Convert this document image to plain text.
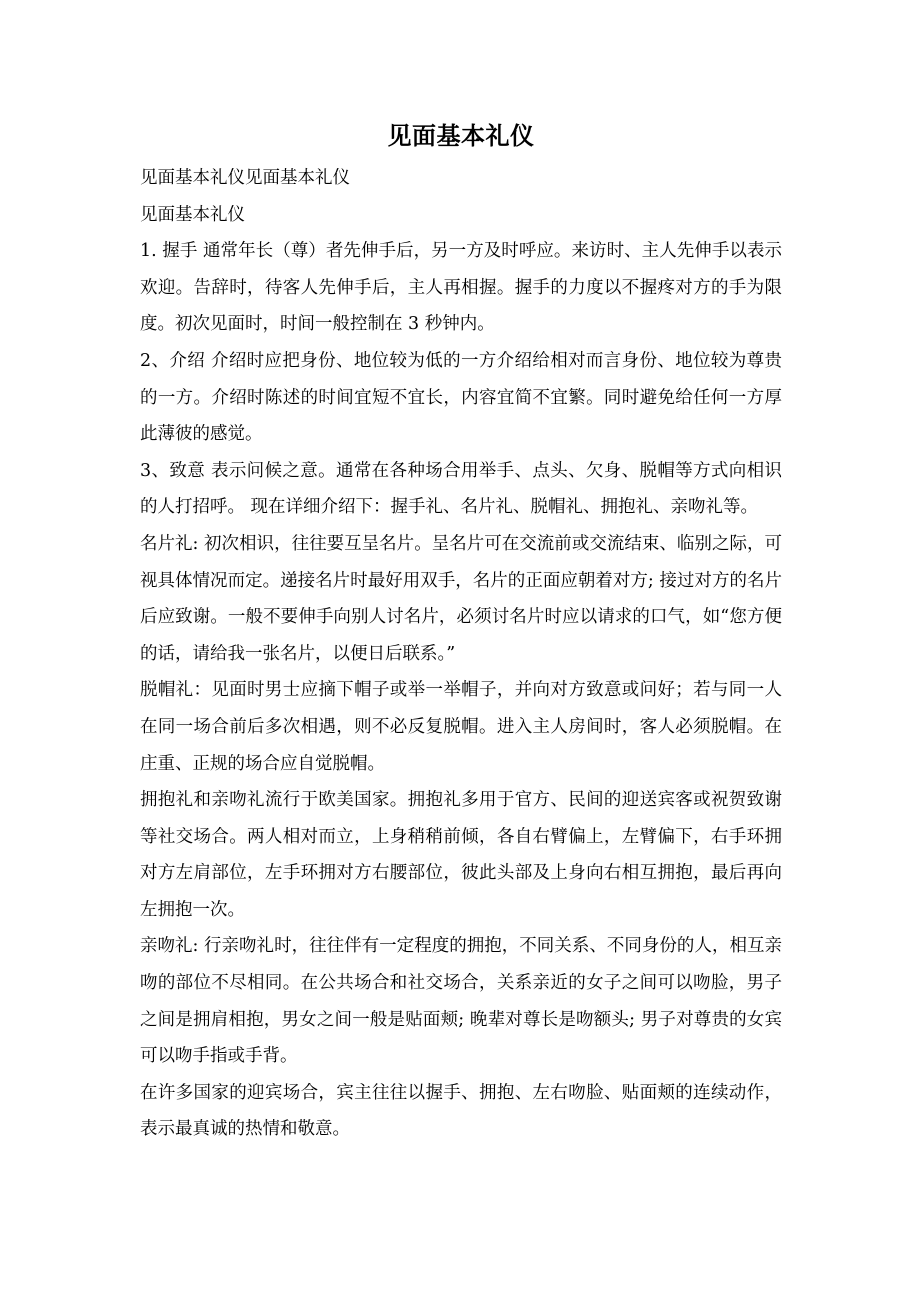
见面基本礼仪

见面基本礼仪见面基本礼仪

见面基本礼仪

1. 握手 通常年长（尊）者先伸手后，另一方及时呼应。来访时、主人先伸手以表示欢迎。告辞时，待客人先伸手后，主人再相握。握手的力度以不握疼对方的手为限度。初次见面时，时间一般控制在 3 秒钟内。

2、介绍 介绍时应把身份、地位较为低的一方介绍给相对而言身份、地位较为尊贵的一方。介绍时陈述的时间宜短不宜长，内容宜简不宜繁。同时避免给任何一方厚此薄彼的感觉。

3、致意 表示问候之意。通常在各种场合用举手、点头、欠身、脱帽等方式向相识的人打招呼。 现在详细介绍下：握手礼、名片礼、脱帽礼、拥抱礼、亲吻礼等。

名片礼: 初次相识，往往要互呈名片。呈名片可在交流前或交流结束、临别之际，可视具体情况而定。递接名片时最好用双手，名片的正面应朝着对方; 接过对方的名片后应致谢。一般不要伸手向别人讨名片，必须讨名片时应以请求的口气，如“您方便的话，请给我一张名片，以便日后联系。”

脱帽礼：见面时男士应摘下帽子或举一举帽子，并向对方致意或问好；若与同一人在同一场合前后多次相遇，则不必反复脱帽。进入主人房间时，客人必须脱帽。在庄重、正规的场合应自觉脱帽。

拥抱礼和亲吻礼流行于欧美国家。拥抱礼多用于官方、民间的迎送宾客或祝贺致谢等社交场合。两人相对而立，上身稍稍前倾，各自右臂偏上，左臂偏下，右手环拥对方左肩部位，左手环拥对方右腰部位，彼此头部及上身向右相互拥抱，最后再向左拥抱一次。

亲吻礼: 行亲吻礼时，往往伴有一定程度的拥抱，不同关系、不同身份的人，相互亲吻的部位不尽相同。在公共场合和社交场合，关系亲近的女子之间可以吻脸，男子之间是拥肩相抱，男女之间一般是贴面颊; 晚辈对尊长是吻额头; 男子对尊贵的女宾可以吻手指或手背。

在许多国家的迎宾场合，宾主往往以握手、拥抱、左右吻脸、贴面颊的连续动作，表示最真诚的热情和敬意。
